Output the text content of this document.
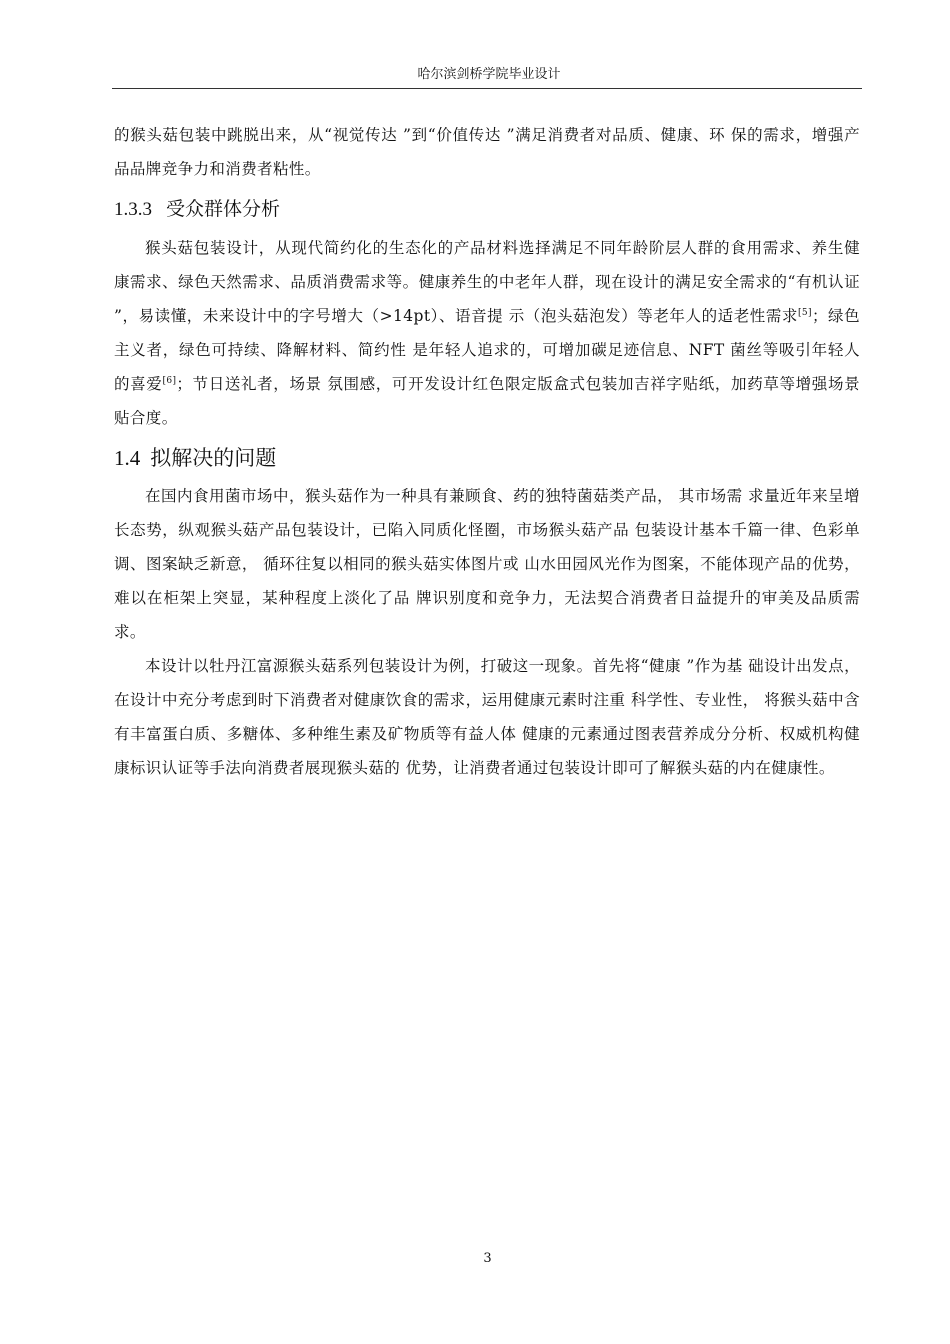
哈尔滨剑桥学院毕业设计

的猴头菇包装中跳脱出来，从“视觉传达 ”到“价值传达 ”满足消费者对品质、健康、环 保的需求，增强产品品牌竞争力和消费者粘性。

1.3.3 受众群体分析

猴头菇包装设计，从现代简约化的生态化的产品材料选择满足不同年龄阶层人群的食用需求、养生健康需求、绿色天然需求、品质消费需求等。健康养生的中老年人群，现在设计的满足安全需求的“有机认证 ”，易读懂，未来设计中的字号增大（>14pt）、语音提 示（泡头菇泡发）等老年人的适老性需求[5]；绿色主义者，绿色可持续、降解材料、简约性 是年轻人追求的，可增加碳足迹信息、NFT 菌丝等吸引年轻人的喜爱[6]；节日送礼者，场景 氛围感，可开发设计红色限定版盒式包装加吉祥字贴纸，加药草等增强场景贴合度。

1.4 拟解决的问题

在国内食用菌市场中，猴头菇作为一种具有兼顾食、药的独特菌菇类产品， 其市场需 求量近年来呈增长态势，纵观猴头菇产品包装设计，已陷入同质化怪圈，市场猴头菇产品 包装设计基本千篇一律、色彩单调、图案缺乏新意， 循环往复以相同的猴头菇实体图片或 山水田园风光作为图案，不能体现产品的优势，难以在柜架上突显，某种程度上淡化了品 牌识别度和竞争力，无法契合消费者日益提升的审美及品质需求。

本设计以牡丹江富源猴头菇系列包装设计为例，打破这一现象。首先将“健康 ”作为基 础设计出发点，在设计中充分考虑到时下消费者对健康饮食的需求，运用健康元素时注重 科学性、专业性， 将猴头菇中含有丰富蛋白质、多糖体、多种维生素及矿物质等有益人体 健康的元素通过图表营养成分分析、权威机构健康标识认证等手法向消费者展现猴头菇的 优势，让消费者通过包装设计即可了解猴头菇的内在健康性。

3
